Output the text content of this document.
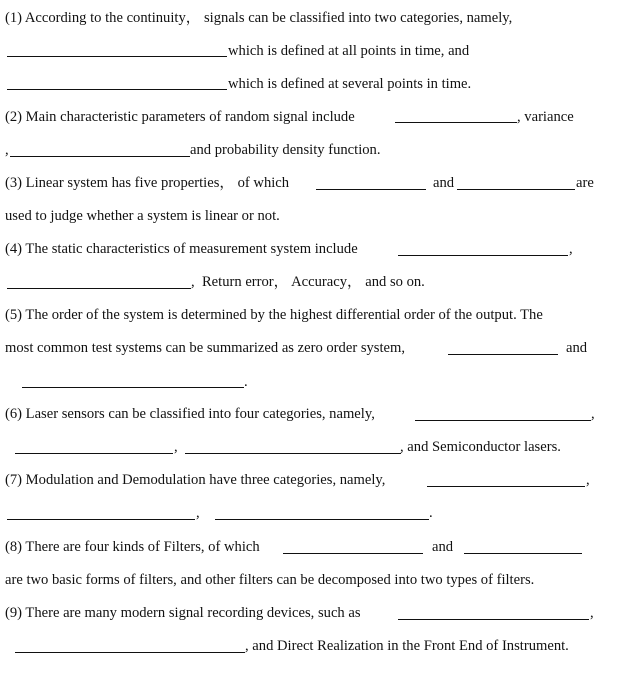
(1) According to the continuity， signals can be classified into two categories, namely,
which is defined at all points in time, and
which is defined at several points in time.
(2) Main characteristic parameters of random signal include	, variance
,	and probability density function.
(3) Linear system has five properties， of which	and	are
used to judge whether a system is linear or not.
(4) The static characteristics of measurement system include	,
,  Return error， Accuracy， and so on.
(5) The order of the system is determined by the highest differential order of the output. The
most common test systems can be summarized as zero order system,	and
.
(6) Laser sensors can be classified into four categories, namely,	,
,	, and Semiconductor lasers.
(7) Modulation and Demodulation have three categories, namely,	,
,	.
(8) There are four kinds of Filters, of which	and
are two basic forms of filters, and other filters can be decomposed into two types of filters.
(9) There are many modern signal recording devices, such as	,
, and Direct Realization in the Front End of Instrument.
